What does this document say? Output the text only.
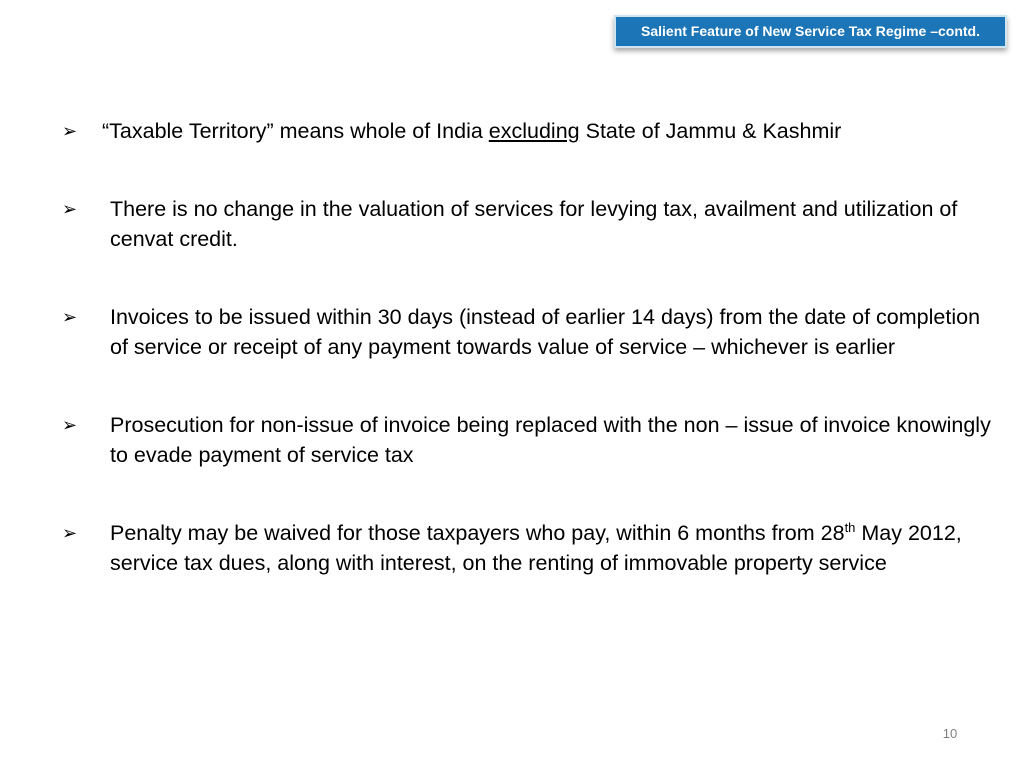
Salient Feature of New Service Tax Regime –contd.
➢ “Taxable Territory” means whole of India excluding State of Jammu & Kashmir
➢ There is no change in the valuation of services for levying tax, availment and utilization of cenvat credit.
➢ Invoices to be issued within 30 days (instead of earlier 14 days) from the date of completion of service or receipt of any payment towards value of service – whichever is earlier
➢ Prosecution for non-issue of invoice being replaced with the non – issue of invoice knowingly to evade payment of service tax
➢ Penalty may be waived for those taxpayers who pay, within 6 months from 28th May 2012, service tax dues, along with interest, on the renting of immovable property service
10
